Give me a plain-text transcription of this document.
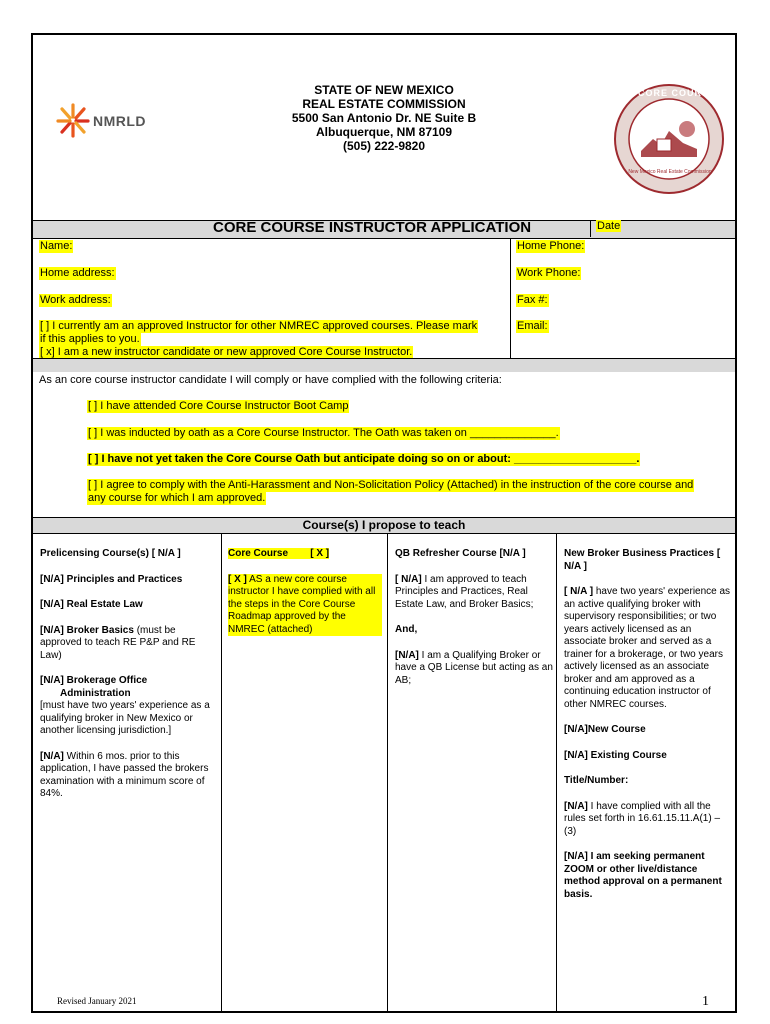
NMRLD
STATE OF NEW MEXICO
REAL ESTATE COMMISSION
5500 San Antonio Dr. NE Suite B
Albuquerque, NM 87109
(505) 222-9820
CORE COURSE
New Mexico Real Estate Commission
CORE COURSE INSTRUCTOR APPLICATION	Date
Name:	Home Phone:
Home address:	Work Phone:
Work address:	Fax #:
[ ] I currently am an approved Instructor for other NMREC approved courses. Please mark	Email:
if this applies to you.
[ x] I am a new instructor candidate or new approved Core Course Instructor.
As an core course instructor candidate I will comply or have complied with the following criteria:
[ ] I have attended Core Course Instructor Boot Camp
[ ] I was inducted by oath as a Core Course Instructor. The Oath was taken on ______________.
[ ] I have not yet taken the Core Course Oath but anticipate doing so on or about: ____________________.
[ ] I agree to comply with the Anti-Harassment and Non-Solicitation Policy (Attached) in the instruction of the core course and
any course for which I am approved.
Course(s) I propose to teach

Prelicensing Course(s) [ N/A ]

[N/A] Principles and Practices

[N/A] Real Estate Law

[N/A] Broker Basics (must be approved to teach RE P&P and RE Law)

[N/A] Brokerage Office
Administration
[must have two years' experience as a qualifying broker in New Mexico or another licensing jurisdiction.]

[N/A] Within 6 mos. prior to this application, I have passed the brokers examination with a minimum score of 84%.

Core Course [ X ]

[ X ] AS a new core course instructor I have complied with all the steps in the Core Course Roadmap approved by the NMREC (attached)

QB Refresher Course [N/A ]

[ N/A] I am approved to teach Principles and Practices, Real Estate Law, and Broker Basics;

And,

[N/A] I am a Qualifying Broker or have a QB License but acting as an AB;

New Broker Business Practices [ N/A ]

[ N/A ] have two years' experience as an active qualifying broker with supervisory responsibilities; or two years actively licensed as an associate broker and served as a trainer for a brokerage, or two years actively licensed as an associate broker and am approved as a continuing education instructor of other NMREC courses.

[N/A]New Course

[N/A] Existing Course

Title/Number:

[N/A] I have complied with all the rules set forth in 16.61.15.11.A(1) – (3)

[N/A] I am seeking permanent ZOOM or other live/distance method approval on a permanent basis.

Revised January 2021	1
